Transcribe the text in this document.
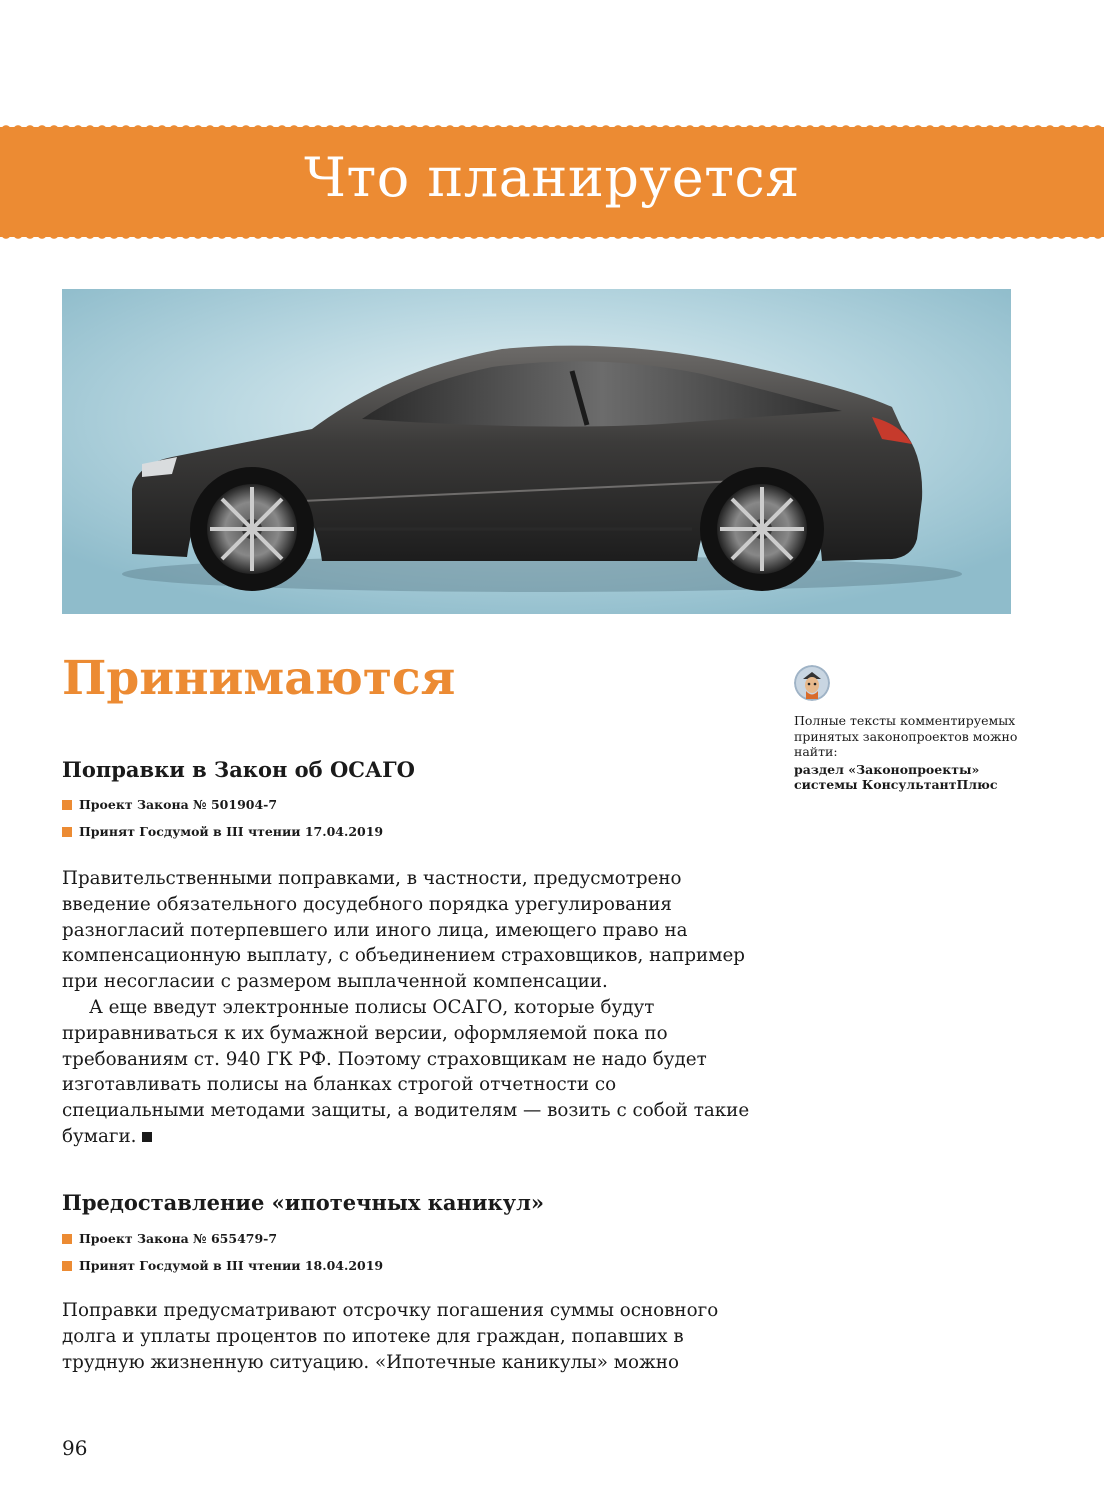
Что планируется
Принимаются
Поправки в Закон об ОСАГО
Проект Закона № 501904-7
Принят Госдумой в III чтении 17.04.2019

Правительственными поправками, в частности, предусмотрено введение обязательного досудебного порядка урегулирования разногласий потерпевшего или иного лица, имеющего право на компенсационную выплату, с объединением страховщиков, например при несогласии с размером выплаченной компенсации.

А еще введут электронные полисы ОСАГО, которые будут приравниваться к их бумажной версии, оформляемой пока по требованиям ст. 940 ГК РФ. Поэтому страховщикам не надо будет изготавливать полисы на бланках строгой отчетности со специальными методами защиты, а водителям — возить с собой такие бумаги.

Предоставление «ипотечных каникул»
Проект Закона № 655479-7
Принят Госдумой в III чтении 18.04.2019

Поправки предусматривают отсрочку погашения суммы основного долга и уплаты процентов по ипотеке для граждан, попавших в трудную жизненную ситуацию. «Ипотечные каникулы» можно

Полные тексты комментируемых принятых законопроектов можно найти:
раздел «Законопроекты» системы КонсультантПлюс

96
